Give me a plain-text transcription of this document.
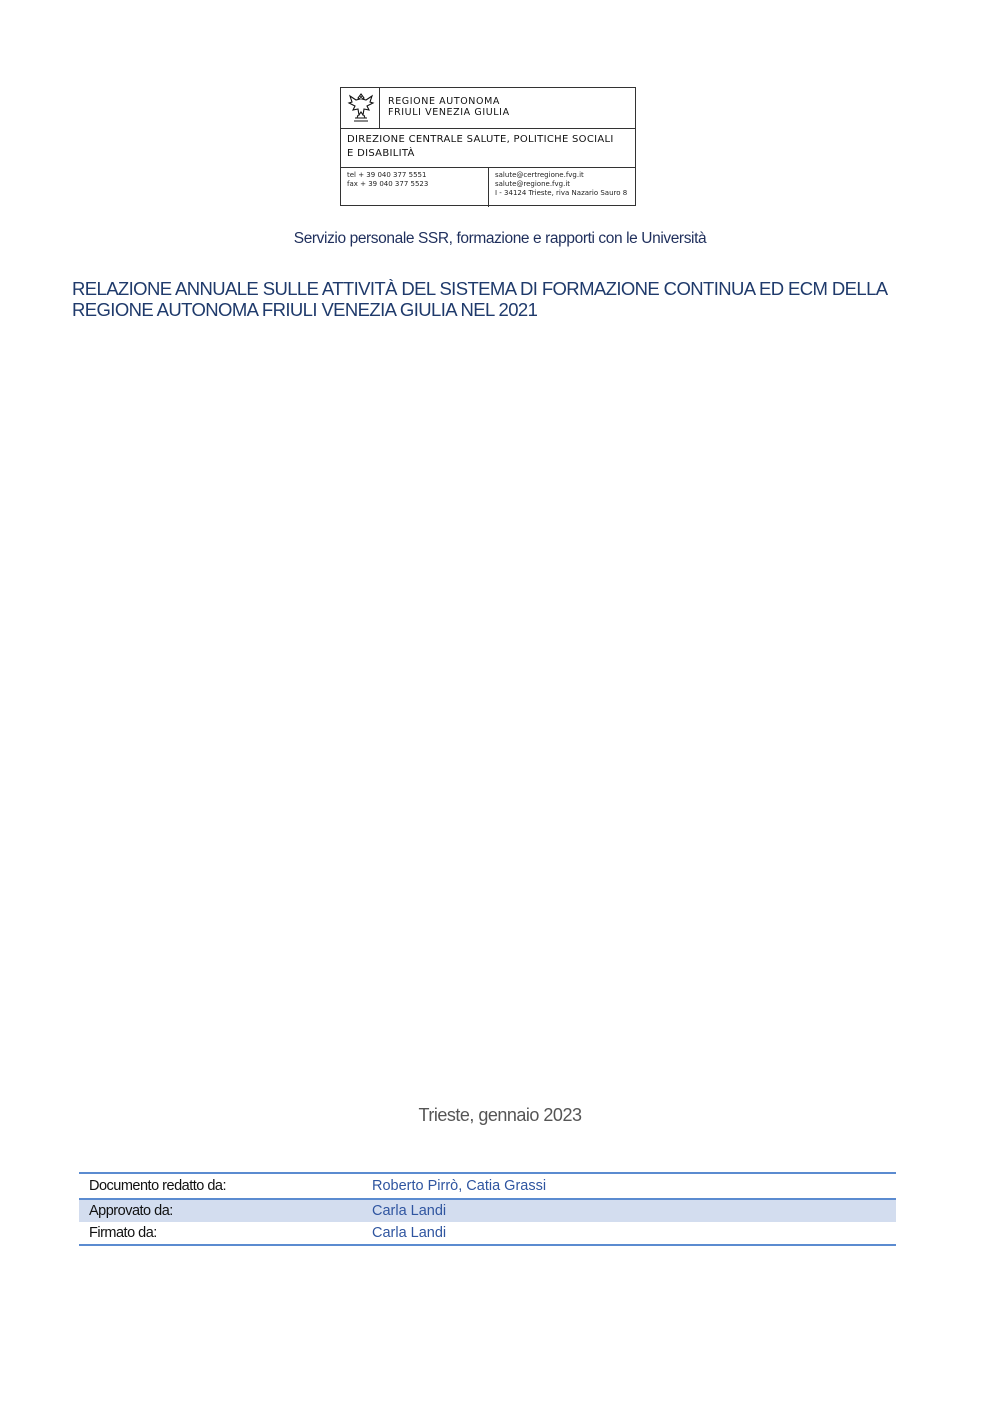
REGIONE AUTONOMA
FRIULI VENEZIA GIULIA
DIREZIONE CENTRALE SALUTE, POLITICHE SOCIALI
E DISABILITÀ
tel + 39 040 377 5551
fax + 39 040 377 5523
salute@certregione.fvg.it
salute@regione.fvg.it
I - 34124 Trieste, riva Nazario Sauro 8
Servizio personale SSR, formazione e rapporti con le Università
RELAZIONE ANNUALE SULLE ATTIVITÀ DEL SISTEMA DI FORMAZIONE CONTINUA ED ECM DELLA
REGIONE AUTONOMA FRIULI VENEZIA GIULIA NEL 2021
Trieste, gennaio 2023
Documento redatto da:	Roberto Pirrò, Catia Grassi
Approvato da:	Carla Landi
Firmato da:	Carla Landi
